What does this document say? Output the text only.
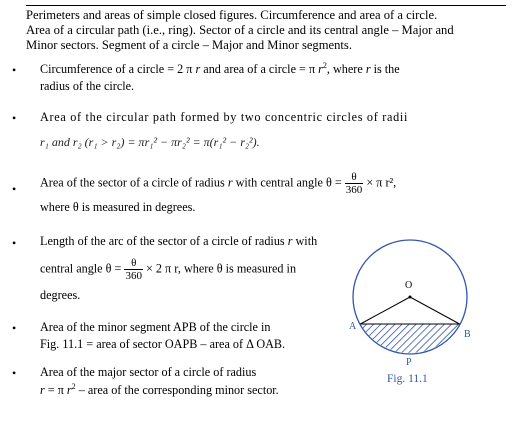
Perimeters and areas of simple closed figures. Circumference and area of a circle.
Area of a circular path (i.e., ring). Sector of a circle and its central angle – Major and
Minor sectors. Segment of a circle – Major and Minor segments.
• Circumference of a circle = 2 π r and area of a circle = π $r^2$, where r is the
radius of the circle.
• Area of the circular path formed by two concentric circles of radii
r₁ and r₂ (r₁ > r₂) = πr₁² − πr₂² = π(r₁² − r₂²).
• Area of the sector of a circle of radius r with central angle $\theta = \frac{\theta}{360} \times \pi$ r²,
where θ is measured in degrees.
• Length of the arc of the sector of a circle of radius r with
central angle $\theta = \frac{\theta}{360} \times 2$ π r, where θ is measured in
degrees.
• Area of the minor segment APB of the circle in
Fig. 11.1 = area of sector OAPB – area of Δ OAB.
• Area of the major sector of a circle of radius
r = π $r^2$ – area of the corresponding minor sector.
O
A
B
P
Fig. 11.1
